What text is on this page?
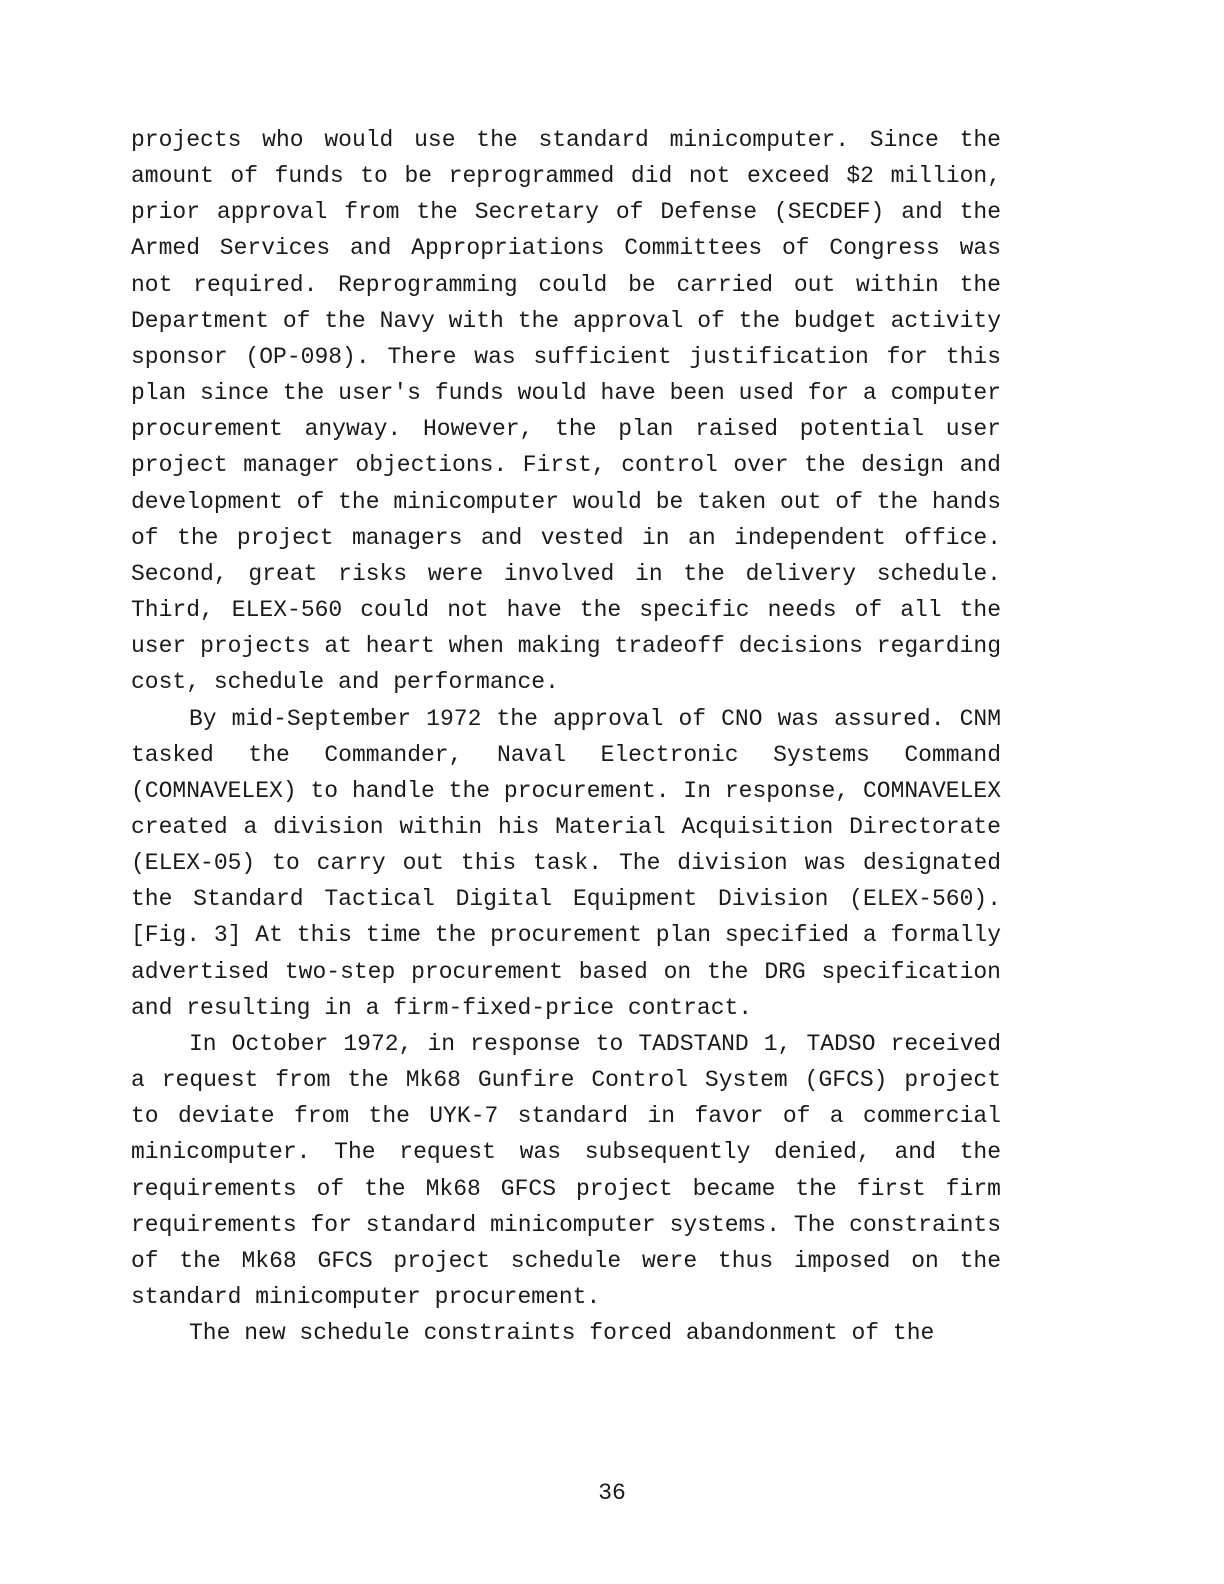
projects who would use the standard minicomputer. Since the amount of funds to be reprogrammed did not exceed $2 million, prior approval from the Secretary of Defense (SECDEF) and the Armed Services and Appropriations Committees of Congress was not required. Reprogramming could be carried out within the Department of the Navy with the approval of the budget activity sponsor (OP-098). There was sufficient justification for this plan since the user's funds would have been used for a computer procurement anyway. However, the plan raised potential user project manager objections. First, control over the design and development of the minicomputer would be taken out of the hands of the project managers and vested in an independent office. Second, great risks were involved in the delivery schedule. Third, ELEX-560 could not have the specific needs of all the user projects at heart when making tradeoff decisions regarding cost, schedule and performance.

By mid-September 1972 the approval of CNO was assured. CNM tasked the Commander, Naval Electronic Systems Command (COMNAVELEX) to handle the procurement. In response, COMNAVELEX created a division within his Material Acquisition Directorate (ELEX-05) to carry out this task. The division was designated the Standard Tactical Digital Equipment Division (ELEX-560). [Fig. 3] At this time the procurement plan specified a formally advertised two-step procurement based on the DRG specification and resulting in a firm-fixed-price contract.

In October 1972, in response to TADSTAND 1, TADSO received a request from the Mk68 Gunfire Control System (GFCS) project to deviate from the UYK-7 standard in favor of a commercial minicomputer. The request was subsequently denied, and the requirements of the Mk68 GFCS project became the first firm requirements for standard minicomputer systems. The constraints of the Mk68 GFCS project schedule were thus imposed on the standard minicomputer procurement.

The new schedule constraints forced abandonment of the

36
